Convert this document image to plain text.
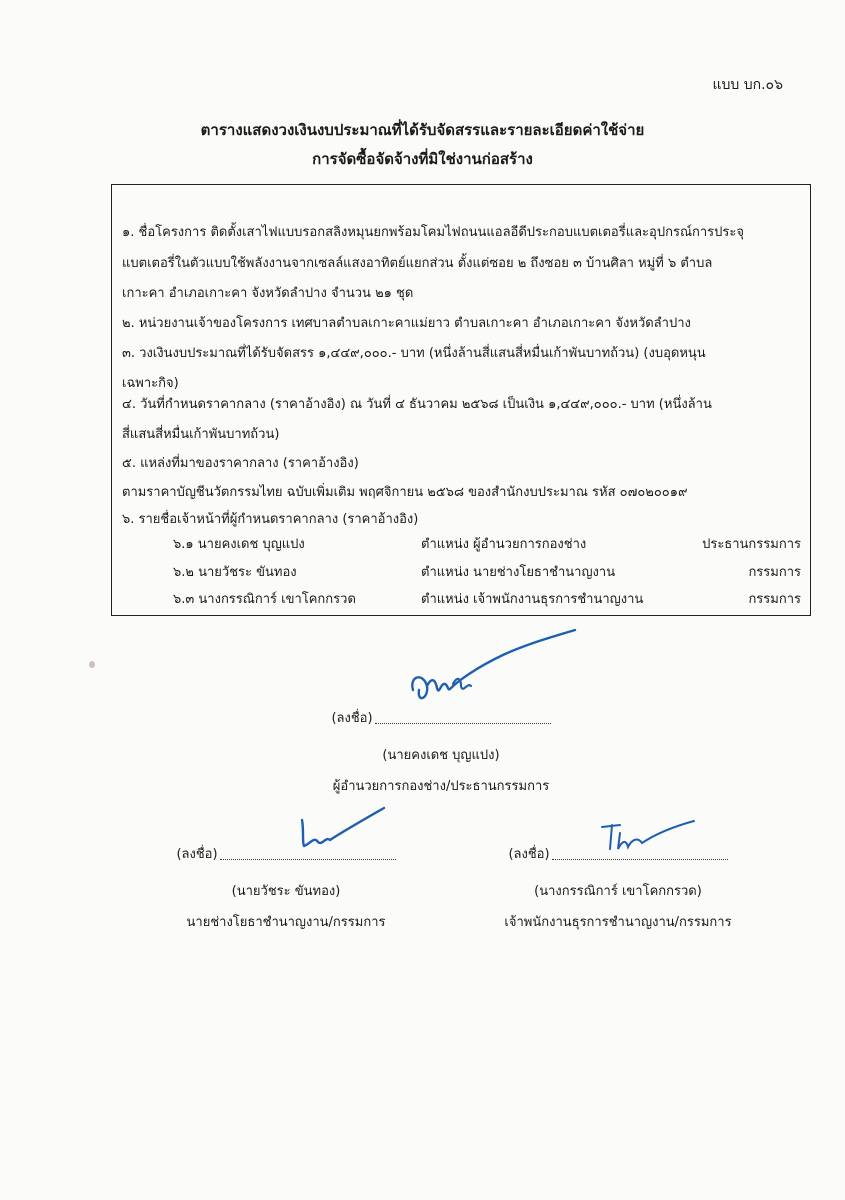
แบบ บก.๐๖
ตารางแสดงวงเงินงบประมาณที่ได้รับจัดสรรและรายละเอียดค่าใช้จ่าย
การจัดซื้อจัดจ้างที่มิใช่งานก่อสร้าง
๑. ชื่อโครงการ ติดตั้งเสาไฟแบบรอกสลิงหมุนยกพร้อมโคมไฟถนนแอลอีดีประกอบแบตเตอรี่และอุปกรณ์การประจุ
แบตเตอรี่ในตัวแบบใช้พลังงานจากเซลล์แสงอาทิตย์แยกส่วน ตั้งแต่ซอย ๒ ถึงซอย ๓ บ้านศิลา หมู่ที่ ๖ ตำบล
เกาะคา อำเภอเกาะคา จังหวัดลำปาง จำนวน ๒๑ ชุด
๒. หน่วยงานเจ้าของโครงการ เทศบาลตำบลเกาะคาแม่ยาว ตำบลเกาะคา อำเภอเกาะคา จังหวัดลำปาง
๓. วงเงินงบประมาณที่ได้รับจัดสรร ๑,๔๔๙,๐๐๐.- บาท (หนึ่งล้านสี่แสนสี่หมื่นเก้าพันบาทถ้วน) (งบอุดหนุน
เฉพาะกิจ)
๔. วันที่กำหนดราคากลาง (ราคาอ้างอิง) ณ วันที่ ๔ ธันวาคม ๒๕๖๘ เป็นเงิน ๑,๔๔๙,๐๐๐.- บาท (หนึ่งล้าน
สี่แสนสี่หมื่นเก้าพันบาทถ้วน)
๕. แหล่งที่มาของราคากลาง (ราคาอ้างอิง)
ตามราคาบัญชีนวัตกรรมไทย ฉบับเพิ่มเติม พฤศจิกายน ๒๕๖๘ ของสำนักงบประมาณ รหัส ๐๗๐๒๐๐๑๙
๖. รายชื่อเจ้าหน้าที่ผู้กำหนดราคากลาง (ราคาอ้างอิง)
๖.๑ นายคงเดช บุญแปง	ตำแหน่ง ผู้อำนวยการกองช่าง	ประธานกรรมการ
๖.๒ นายวัชระ ขันทอง	ตำแหน่ง นายช่างโยธาชำนาญงาน	กรรมการ
๖.๓ นางกรรณิการ์ เขาโคกกรวด	ตำแหน่ง เจ้าพนักงานธุรการชำนาญงาน	กรรมการ
(ลงชื่อ)
(นายคงเดช บุญแปง)
ผู้อำนวยการกองช่าง/ประธานกรรมการ
(ลงชื่อ)
(นายวัชระ ขันทอง)
นายช่างโยธาชำนาญงาน/กรรมการ
(ลงชื่อ)
(นางกรรณิการ์ เขาโคกกรวด)
เจ้าพนักงานธุรการชำนาญงาน/กรรมการ
